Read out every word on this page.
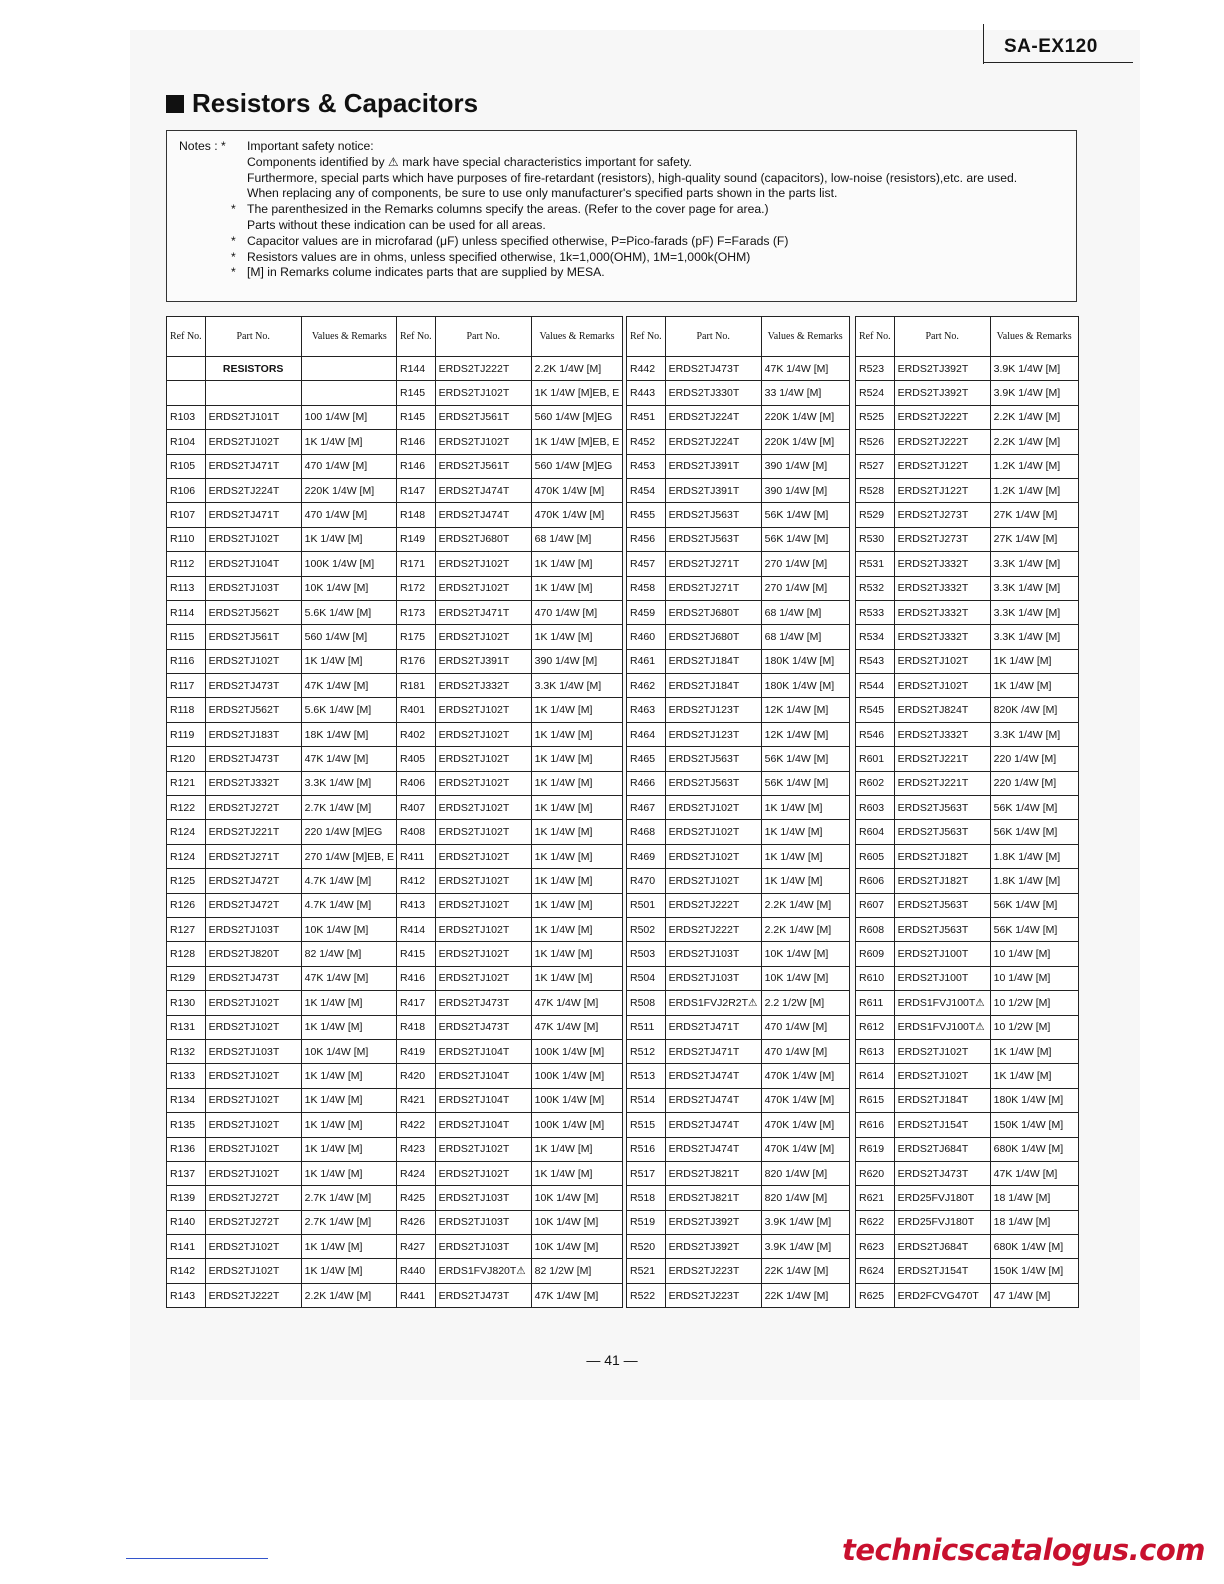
SA-EX120
Resistors & Capacitors
Notes : * Important safety notice:
Components identified by ⚠ mark have special characteristics important for safety.
Furthermore, special parts which have purposes of fire-retardant (resistors), high-quality sound (capacitors), low-noise (resistors),etc. are used.
When replacing any of components, be sure to use only manufacturer's specified parts shown in the parts list.
* The parenthesized in the Remarks columns specify the areas. (Refer to the cover page for area.)
Parts without these indication can be used for all areas.
* Capacitor values are in microfarad (μF) unless specified otherwise, P=Pico-farads (pF) F=Farads (F)
* Resistors values are in ohms, unless specified otherwise, 1k=1,000(OHM), 1M=1,000k(OHM)
* [M] in Remarks colume indicates parts that are supplied by MESA.
Ref No.	Part No.	Values & Remarks
	RESISTORS	

R103	ERDS2TJ101T	100 1/4W [M]
R104	ERDS2TJ102T	1K 1/4W [M]
R105	ERDS2TJ471T	470 1/4W [M]
R106	ERDS2TJ224T	220K 1/4W [M]
R107	ERDS2TJ471T	470 1/4W [M]
R110	ERDS2TJ102T	1K 1/4W [M]
R112	ERDS2TJ104T	100K 1/4W [M]
R113	ERDS2TJ103T	10K 1/4W [M]
R114	ERDS2TJ562T	5.6K 1/4W [M]
R115	ERDS2TJ561T	560 1/4W [M]
R116	ERDS2TJ102T	1K 1/4W [M]
R117	ERDS2TJ473T	47K 1/4W [M]
R118	ERDS2TJ562T	5.6K 1/4W [M]
R119	ERDS2TJ183T	18K 1/4W [M]
R120	ERDS2TJ473T	47K 1/4W [M]
R121	ERDS2TJ332T	3.3K 1/4W [M]
R122	ERDS2TJ272T	2.7K 1/4W [M]
R124	ERDS2TJ221T	220 1/4W [M]EG
R124	ERDS2TJ271T	270 1/4W [M]EB, E
R125	ERDS2TJ472T	4.7K 1/4W [M]
R126	ERDS2TJ472T	4.7K 1/4W [M]
R127	ERDS2TJ103T	10K 1/4W [M]
R128	ERDS2TJ820T	82 1/4W [M]
R129	ERDS2TJ473T	47K 1/4W [M]
R130	ERDS2TJ102T	1K 1/4W [M]
R131	ERDS2TJ102T	1K 1/4W [M]
R132	ERDS2TJ103T	10K 1/4W [M]
R133	ERDS2TJ102T	1K 1/4W [M]
R134	ERDS2TJ102T	1K 1/4W [M]
R135	ERDS2TJ102T	1K 1/4W [M]
R136	ERDS2TJ102T	1K 1/4W [M]
R137	ERDS2TJ102T	1K 1/4W [M]
R139	ERDS2TJ272T	2.7K 1/4W [M]
R140	ERDS2TJ272T	2.7K 1/4W [M]
R141	ERDS2TJ102T	1K 1/4W [M]
R142	ERDS2TJ102T	1K 1/4W [M]
R143	ERDS2TJ222T	2.2K 1/4W [M]
Ref No.	Part No.	Values & Remarks
R144	ERDS2TJ222T	2.2K 1/4W [M]
R145	ERDS2TJ102T	1K 1/4W [M]EB, E
R145	ERDS2TJ561T	560 1/4W [M]EG
R146	ERDS2TJ102T	1K 1/4W [M]EB, E
R146	ERDS2TJ561T	560 1/4W [M]EG
R147	ERDS2TJ474T	470K 1/4W [M]
R148	ERDS2TJ474T	470K 1/4W [M]
R149	ERDS2TJ680T	68 1/4W [M]
R171	ERDS2TJ102T	1K 1/4W [M]
R172	ERDS2TJ102T	1K 1/4W [M]
R173	ERDS2TJ471T	470 1/4W [M]
R175	ERDS2TJ102T	1K 1/4W [M]
R176	ERDS2TJ391T	390 1/4W [M]
R181	ERDS2TJ332T	3.3K 1/4W [M]
R401	ERDS2TJ102T	1K 1/4W [M]
R402	ERDS2TJ102T	1K 1/4W [M]
R405	ERDS2TJ102T	1K 1/4W [M]
R406	ERDS2TJ102T	1K 1/4W [M]
R407	ERDS2TJ102T	1K 1/4W [M]
R408	ERDS2TJ102T	1K 1/4W [M]
R411	ERDS2TJ102T	1K 1/4W [M]
R412	ERDS2TJ102T	1K 1/4W [M]
R413	ERDS2TJ102T	1K 1/4W [M]
R414	ERDS2TJ102T	1K 1/4W [M]
R415	ERDS2TJ102T	1K 1/4W [M]
R416	ERDS2TJ102T	1K 1/4W [M]
R417	ERDS2TJ473T	47K 1/4W [M]
R418	ERDS2TJ473T	47K 1/4W [M]
R419	ERDS2TJ104T	100K 1/4W [M]
R420	ERDS2TJ104T	100K 1/4W [M]
R421	ERDS2TJ104T	100K 1/4W [M]
R422	ERDS2TJ104T	100K 1/4W [M]
R423	ERDS2TJ102T	1K 1/4W [M]
R424	ERDS2TJ102T	1K 1/4W [M]
R425	ERDS2TJ103T	10K 1/4W [M]
R426	ERDS2TJ103T	10K 1/4W [M]
R427	ERDS2TJ103T	10K 1/4W [M]
R440	ERDS1FVJ820T⚠	82 1/2W [M]
R441	ERDS2TJ473T	47K 1/4W [M]
Ref No.	Part No.	Values & Remarks
R442	ERDS2TJ473T	47K 1/4W [M]
R443	ERDS2TJ330T	33 1/4W [M]
R451	ERDS2TJ224T	220K 1/4W [M]
R452	ERDS2TJ224T	220K 1/4W [M]
R453	ERDS2TJ391T	390 1/4W [M]
R454	ERDS2TJ391T	390 1/4W [M]
R455	ERDS2TJ563T	56K 1/4W [M]
R456	ERDS2TJ563T	56K 1/4W [M]
R457	ERDS2TJ271T	270 1/4W [M]
R458	ERDS2TJ271T	270 1/4W [M]
R459	ERDS2TJ680T	68 1/4W [M]
R460	ERDS2TJ680T	68 1/4W [M]
R461	ERDS2TJ184T	180K 1/4W [M]
R462	ERDS2TJ184T	180K 1/4W [M]
R463	ERDS2TJ123T	12K 1/4W [M]
R464	ERDS2TJ123T	12K 1/4W [M]
R465	ERDS2TJ563T	56K 1/4W [M]
R466	ERDS2TJ563T	56K 1/4W [M]
R467	ERDS2TJ102T	1K 1/4W [M]
R468	ERDS2TJ102T	1K 1/4W [M]
R469	ERDS2TJ102T	1K 1/4W [M]
R470	ERDS2TJ102T	1K 1/4W [M]
R501	ERDS2TJ222T	2.2K 1/4W [M]
R502	ERDS2TJ222T	2.2K 1/4W [M]
R503	ERDS2TJ103T	10K 1/4W [M]
R504	ERDS2TJ103T	10K 1/4W [M]
R508	ERDS1FVJ2R2T⚠	2.2 1/2W [M]
R511	ERDS2TJ471T	470 1/4W [M]
R512	ERDS2TJ471T	470 1/4W [M]
R513	ERDS2TJ474T	470K 1/4W [M]
R514	ERDS2TJ474T	470K 1/4W [M]
R515	ERDS2TJ474T	470K 1/4W [M]
R516	ERDS2TJ474T	470K 1/4W [M]
R517	ERDS2TJ821T	820 1/4W [M]
R518	ERDS2TJ821T	820 1/4W [M]
R519	ERDS2TJ392T	3.9K 1/4W [M]
R520	ERDS2TJ392T	3.9K 1/4W [M]
R521	ERDS2TJ223T	22K 1/4W [M]
R522	ERDS2TJ223T	22K 1/4W [M]
Ref No.	Part No.	Values & Remarks
R523	ERDS2TJ392T	3.9K 1/4W [M]
R524	ERDS2TJ392T	3.9K 1/4W [M]
R525	ERDS2TJ222T	2.2K 1/4W [M]
R526	ERDS2TJ222T	2.2K 1/4W [M]
R527	ERDS2TJ122T	1.2K 1/4W [M]
R528	ERDS2TJ122T	1.2K 1/4W [M]
R529	ERDS2TJ273T	27K 1/4W [M]
R530	ERDS2TJ273T	27K 1/4W [M]
R531	ERDS2TJ332T	3.3K 1/4W [M]
R532	ERDS2TJ332T	3.3K 1/4W [M]
R533	ERDS2TJ332T	3.3K 1/4W [M]
R534	ERDS2TJ332T	3.3K 1/4W [M]
R543	ERDS2TJ102T	1K 1/4W [M]
R544	ERDS2TJ102T	1K 1/4W [M]
R545	ERDS2TJ824T	820K /4W [M]
R546	ERDS2TJ332T	3.3K 1/4W [M]
R601	ERDS2TJ221T	220 1/4W [M]
R602	ERDS2TJ221T	220 1/4W [M]
R603	ERDS2TJ563T	56K 1/4W [M]
R604	ERDS2TJ563T	56K 1/4W [M]
R605	ERDS2TJ182T	1.8K 1/4W [M]
R606	ERDS2TJ182T	1.8K 1/4W [M]
R607	ERDS2TJ563T	56K 1/4W [M]
R608	ERDS2TJ563T	56K 1/4W [M]
R609	ERDS2TJ100T	10 1/4W [M]
R610	ERDS2TJ100T	10 1/4W [M]
R611	ERDS1FVJ100T⚠	10 1/2W [M]
R612	ERDS1FVJ100T⚠	10 1/2W [M]
R613	ERDS2TJ102T	1K 1/4W [M]
R614	ERDS2TJ102T	1K 1/4W [M]
R615	ERDS2TJ184T	180K 1/4W [M]
R616	ERDS2TJ154T	150K 1/4W [M]
R619	ERDS2TJ684T	680K 1/4W [M]
R620	ERDS2TJ473T	47K 1/4W [M]
R621	ERD25FVJ180T	18 1/4W [M]
R622	ERD25FVJ180T	18 1/4W [M]
R623	ERDS2TJ684T	680K 1/4W [M]
R624	ERDS2TJ154T	150K 1/4W [M]
R625	ERD2FCVG470T	47 1/4W [M]
— 41 —
technicscatalogus.com
